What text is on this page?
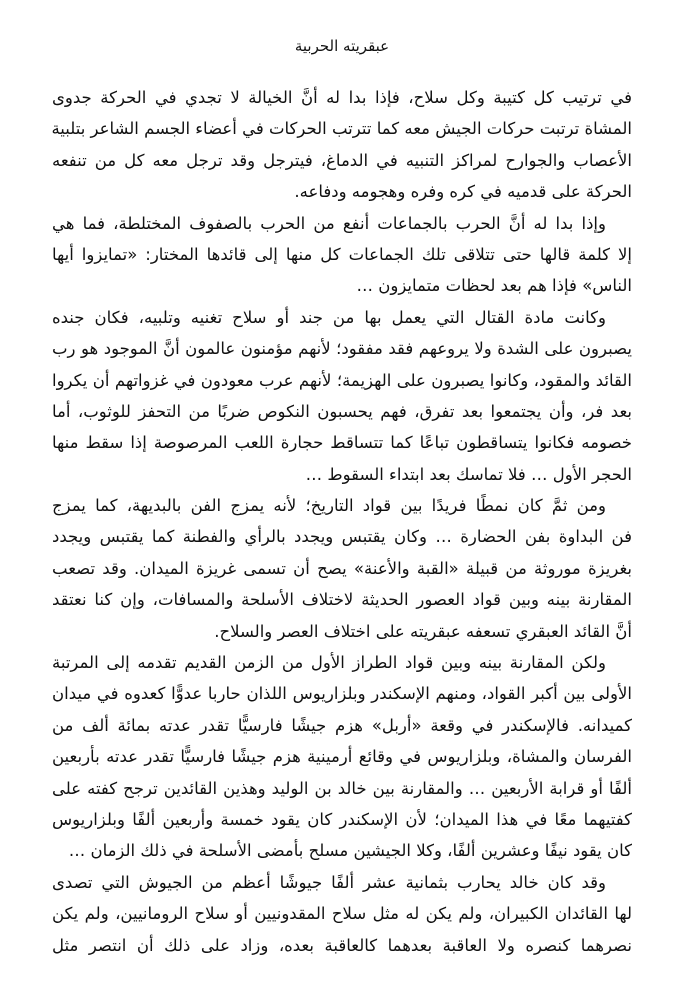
عبقريته الحربية
في ترتيب كل كتيبة وكل سلاح، فإذا بدا له أنَّ الخيالة لا تجدي في الحركة جدوى
المشاة ترتبت حركات الجيش معه كما تترتب الحركات في أعضاء الجسم الشاعر بتلبية
الأعصاب والجوارح لمراكز التنبيه في الدماغ، فيترجل وقد ترجل معه كل من تنفعه
الحركة على قدميه في كره وفره وهجومه ودفاعه.
وإذا بدا له أنَّ الحرب بالجماعات أنفع من الحرب بالصفوف المختلطة، فما هي
إلا كلمة قالها حتى تتلاقى تلك الجماعات كل منها إلى قائدها المختار: «تمايزوا أيها
الناس» فإذا هم بعد لحظات متمايزون …
وكانت مادة القتال التي يعمل بها من جند أو سلاح تغنيه وتلبيه، فكان جنده
يصبرون على الشدة ولا يروعهم فقد مفقود؛ لأنهم مؤمنون عالمون أنَّ الموجود هو رب
القائد والمقود، وكانوا يصبرون على الهزيمة؛ لأنهم عرب معودون في غزواتهم أن يكروا
بعد فر، وأن يجتمعوا بعد تفرق، فهم يحسبون النكوص ضربًا من التحفز للوثوب، أما
خصومه فكانوا يتساقطون تباعًا كما تتساقط حجارة اللعب المرصوصة إذا سقط منها
الحجر الأول … فلا تماسك بعد ابتداء السقوط …
ومن ثمَّ كان نمطًا فريدًا بين قواد التاريخ؛ لأنه يمزج الفن بالبديهة، كما يمزج
فن البداوة بفن الحضارة … وكان يقتبس ويجدد بالرأي والفطنة كما يقتبس ويجدد
بغريزة موروثة من قبيلة «القبة والأعنة» يصح أن تسمى غريزة الميدان. وقد تصعب
المقارنة بينه وبين قواد العصور الحديثة لاختلاف الأسلحة والمسافات، وإن كنا نعتقد
أنَّ القائد العبقري تسعفه عبقريته على اختلاف العصر والسلاح.
ولكن المقارنة بينه وبين قواد الطراز الأول من الزمن القديم تقدمه إلى المرتبة
الأولى بين أكبر القواد، ومنهم الإسكندر وبلزاريوس اللذان حاربا عدوًّا كعدوه في ميدان
كميدانه. فالإسكندر في وقعة «أربل» هزم جيشًا فارسيًّا تقدر عدته بمائة ألف من
الفرسان والمشاة، وبلزاريوس في وقائع أرمينية هزم جيشًا فارسيًّا تقدر عدته بأربعين
ألفًا أو قرابة الأربعين … والمقارنة بين خالد بن الوليد وهذين القائدين ترجح كفته على
كفتيهما معًا في هذا الميدان؛ لأن الإسكندر كان يقود خمسة وأربعين ألفًا وبلزاريوس
كان يقود نيفًا وعشرين ألفًا، وكلا الجيشين مسلح بأمضى الأسلحة في ذلك الزمان …
وقد كان خالد يحارب بثمانية عشر ألفًا جيوشًا أعظم من الجيوش التي تصدى
لها القائدان الكبيران، ولم يكن له مثل سلاح المقدونيين أو سلاح الرومانيين، ولم يكن
نصرهما كنصره ولا العاقبة بعدهما كالعاقبة بعده، وزاد على ذلك أن انتصر مثل
